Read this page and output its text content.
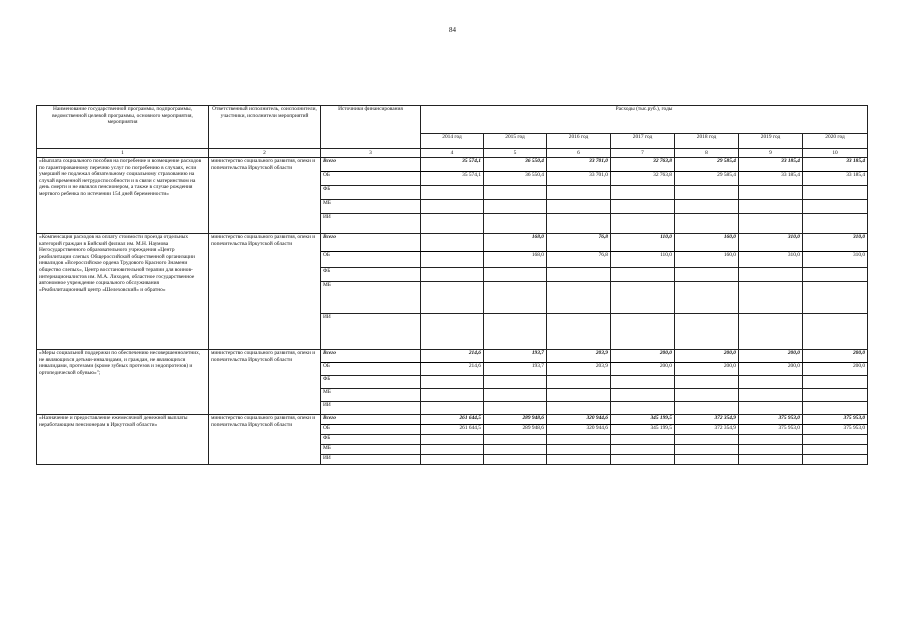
84
Наименование государственной программы, подпрограммы, ведомственной целевой программы, основного мероприятия, мероприятия	Ответственный исполнитель, соисполнители, участники, исполнители мероприятий	Источники финансирования	Расходы (тыс.руб.), годы						
			2014 год	2015 год	2016 год	2017 год	2018 год	2019 год	2020 год
1	2	3	4	5	6	7	8	9	10
«Выплата социального пособия на погребение и возмещение расходов по гарантированному перечню услуг по погребению в случаях, если умерший не подлежал обязательному социальному страхованию на случай временной нетрудоспособности и в связи с материнством на день смерти и не являлся пенсионером, а также в случае рождения мертвого ребенка по истечении 154 дней беременности»	министерство социального развития, опеки и попечительства Иркутской области	Всего	35 574,1	36 550,4	33 701,0	32 763,8	29 585,4	33 185,4	33 185,4
		ОБ	35 574,1	36 550,4	33 701,0	32 763,8	29 585,4	33 185,4	33 185,4
		ФБ							
		МБ							
		ИИ							
«Компенсация расходов на оплату стоимости проезда отдельных категорий граждан в Бийский филиал им. М.Н. Наумова Негосударственного образовательного учреждения «Центр реабилитации слепых Общероссийской общественной организации инвалидов «Всероссийское ордена Трудового Красного Знамени общество слепых», Центр восстановительной терапии для воинов-интернационалистов им. М.А. Лиходея, областное государственное автономное учреждение социального обслуживания «Реабилитационный центр «Шелеховский» и обратно»	министерство социального развития, опеки и попечительства Иркутской области	Всего		168,0	76,8	110,0	160,0	310,0	310,0
		ОБ		168,0	76,8	110,0	160,0	310,0	310,0
		ФБ							
		МБ							
		ИИ							
«Меры социальной поддержки по обеспечению несовершеннолетних, не являющихся детьми-инвалидами, и граждан, не являющихся инвалидами, протезами (кроме зубных протезов и эндопротезов) и ортопедической обувью»";	министерство социального развития, опеки и попечительства Иркутской области	Всего	214,6	193,7	203,9	200,0	200,0	200,0	200,0
		ОБ	214,6	193,7	203,9	200,0	200,0	200,0	200,0
		ФБ							
		МБ							
		ИИ							
«Назначение и предоставление ежемесячной денежной выплаты неработающим пенсионерам в Иркутской области»	министерство социального развития, опеки и попечительства Иркутской области	Всего	261 644,5	289 948,6	320 944,6	345 199,5	372 354,9	375 953,0	375 953,0
		ОБ	261 644,5	289 948,6	320 944,6	345 199,5	372 354,9	375 953,0	375 953,0
		ФБ							
		МБ							
		ИИ							
